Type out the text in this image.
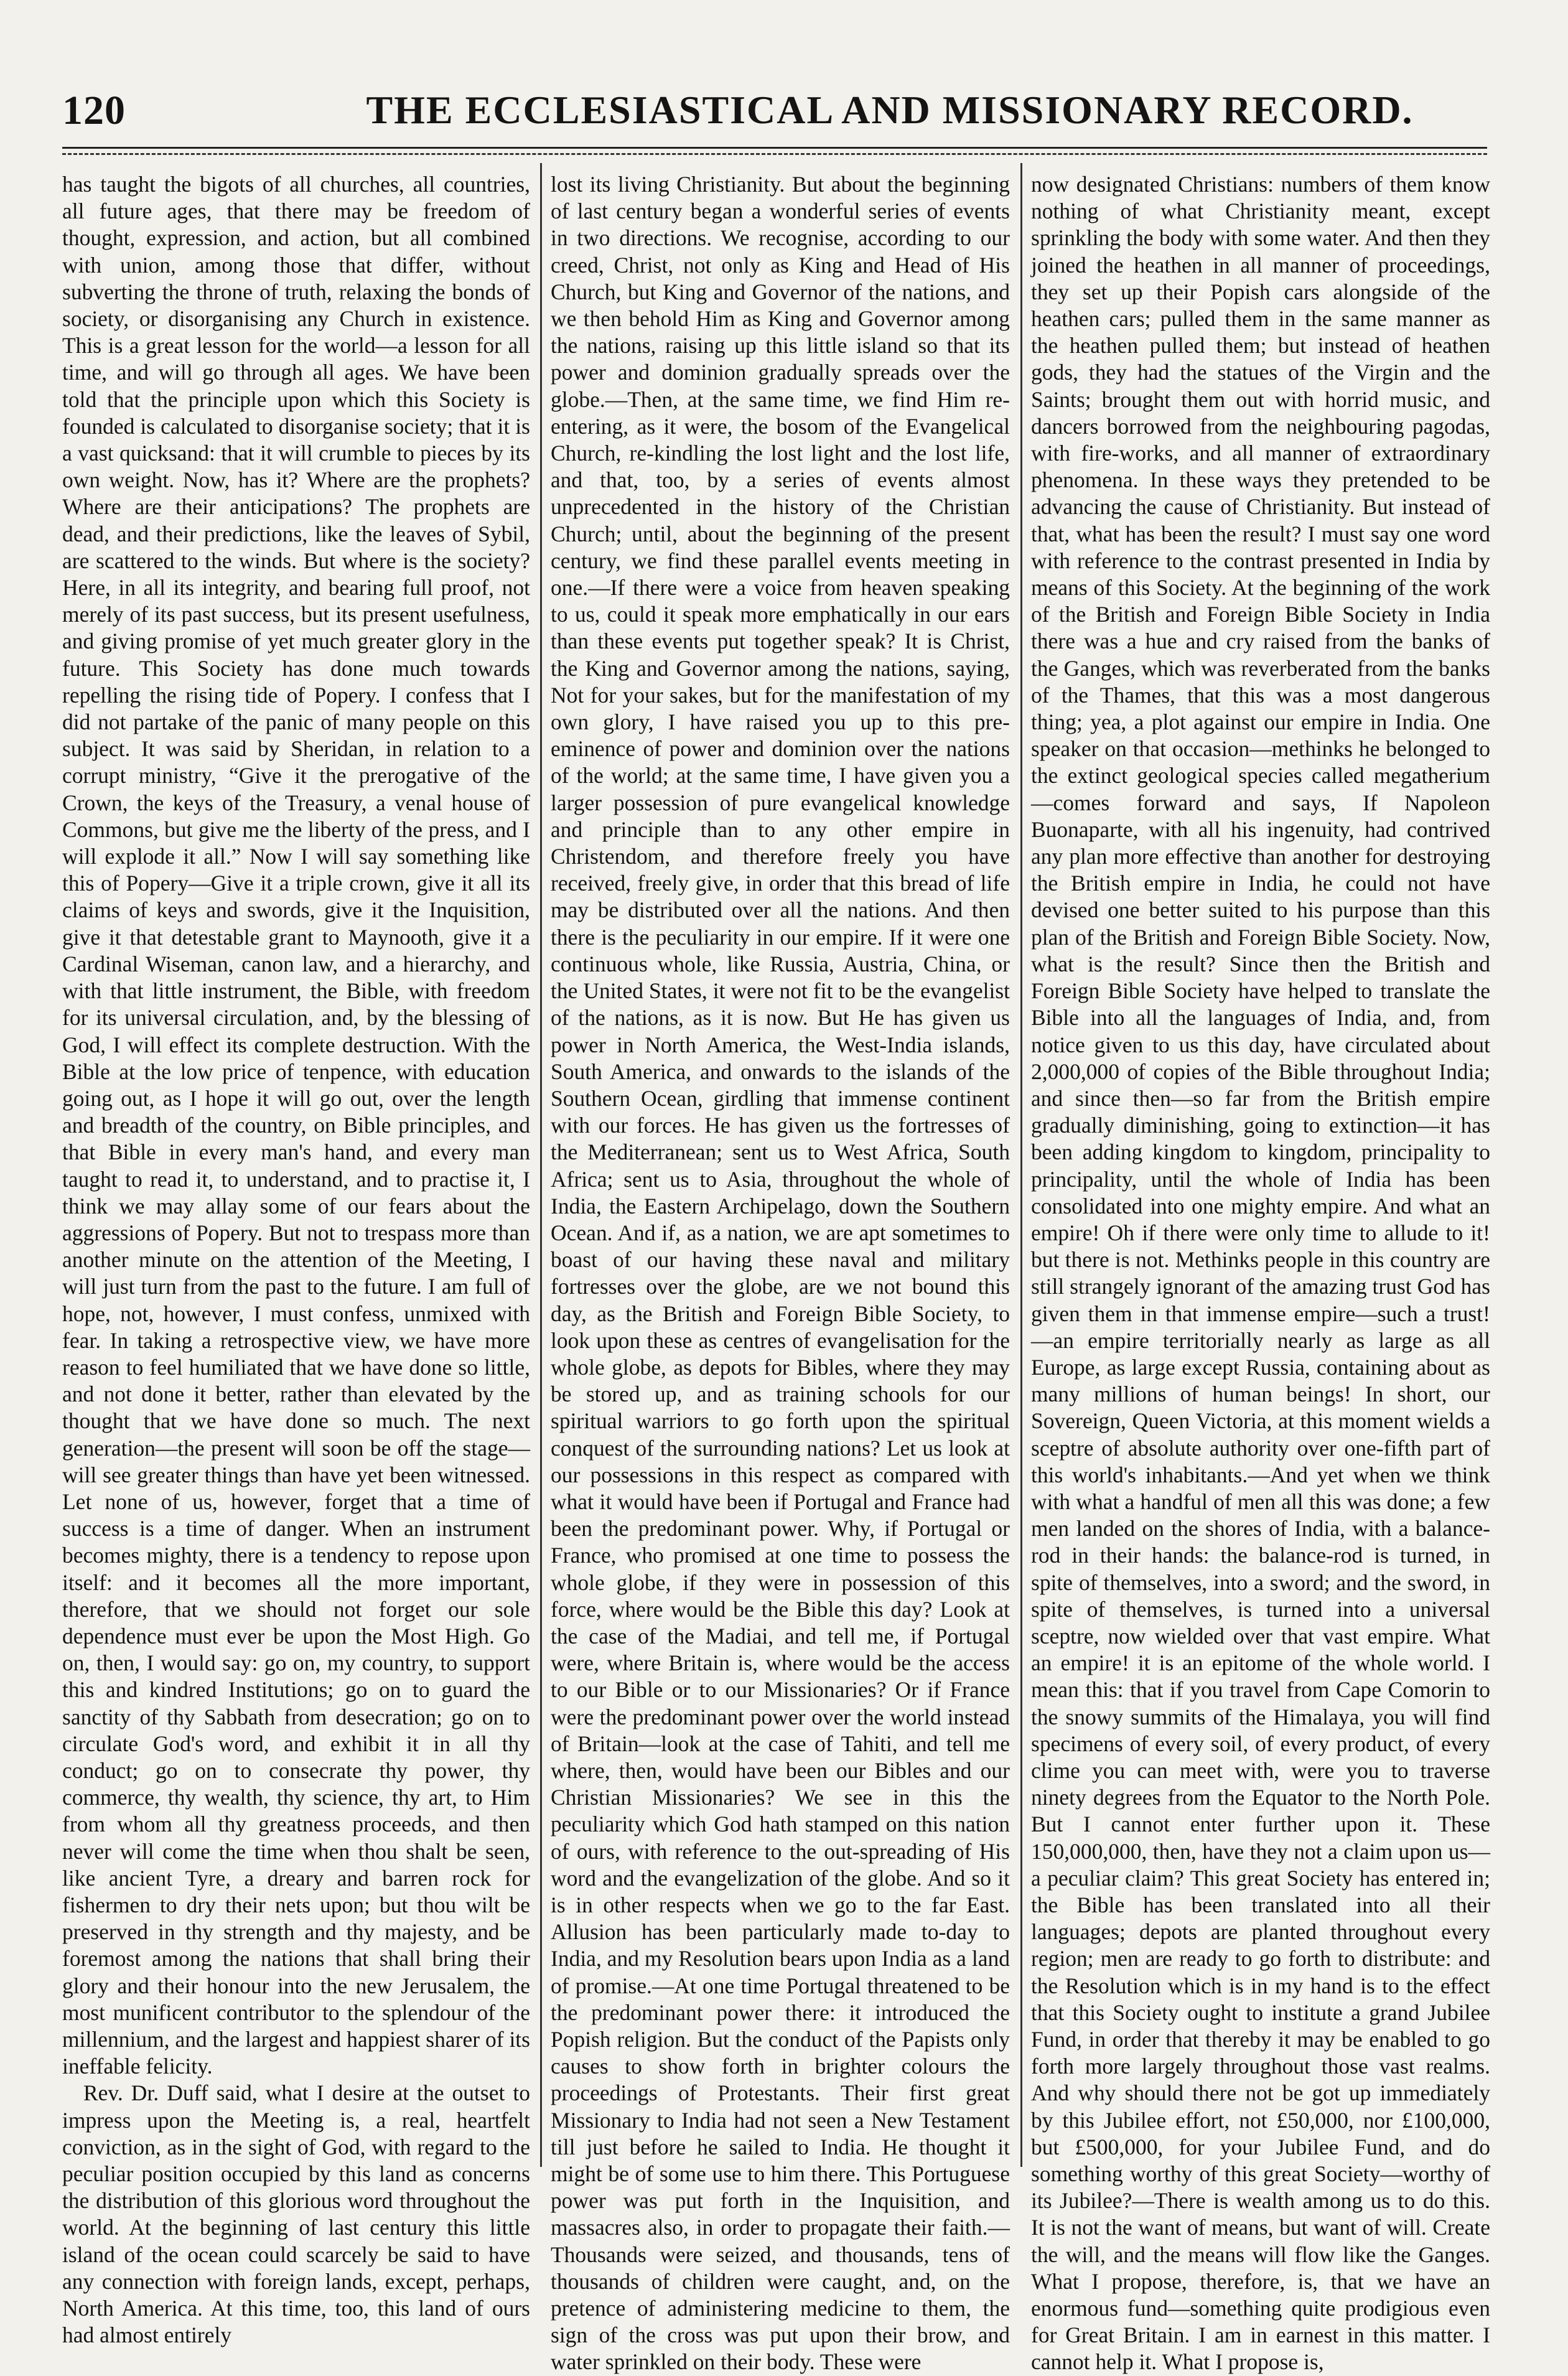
120	THE ECCLESIASTICAL AND MISSIONARY RECORD.

has taught the bigots of all churches, all countries, all future ages, that there may be freedom of thought, expression, and action, but all combined with union, among those that differ, without subverting the throne of truth, relaxing the bonds of society, or disorganising any Church in existence. This is a great lesson for the world—a lesson for all time, and will go through all ages. We have been told that the principle upon which this Society is founded is calculated to disorganise society; that it is a vast quicksand: that it will crumble to pieces by its own weight. Now, has it? Where are the prophets? Where are their anticipations? The prophets are dead, and their predictions, like the leaves of Sybil, are scattered to the winds. But where is the society? Here, in all its integrity, and bearing full proof, not merely of its past success, but its present usefulness, and giving promise of yet much greater glory in the future. This Society has done much towards repelling the rising tide of Popery. I confess that I did not partake of the panic of many people on this subject. It was said by Sheridan, in relation to a corrupt ministry, “Give it the prerogative of the Crown, the keys of the Treasury, a venal house of Commons, but give me the liberty of the press, and I will explode it all.” Now I will say something like this of Popery—Give it a triple crown, give it all its claims of keys and swords, give it the Inquisition, give it that detestable grant to Maynooth, give it a Cardinal Wiseman, canon law, and a hierarchy, and with that little instrument, the Bible, with freedom for its universal circulation, and, by the blessing of God, I will effect its complete destruction. With the Bible at the low price of tenpence, with education going out, as I hope it will go out, over the length and breadth of the country, on Bible principles, and that Bible in every man's hand, and every man taught to read it, to understand, and to practise it, I think we may allay some of our fears about the aggressions of Popery. But not to trespass more than another minute on the attention of the Meeting, I will just turn from the past to the future. I am full of hope, not, however, I must confess, unmixed with fear. In taking a retrospective view, we have more reason to feel humiliated that we have done so little, and not done it better, rather than elevated by the thought that we have done so much. The next generation—the present will soon be off the stage—will see greater things than have yet been witnessed. Let none of us, however, forget that a time of success is a time of danger. When an instrument becomes mighty, there is a tendency to repose upon itself: and it becomes all the more important, therefore, that we should not forget our sole dependence must ever be upon the Most High. Go on, then, I would say: go on, my country, to support this and kindred Institutions; go on to guard the sanctity of thy Sabbath from desecration; go on to circulate God's word, and exhibit it in all thy conduct; go on to consecrate thy power, thy commerce, thy wealth, thy science, thy art, to Him from whom all thy greatness proceeds, and then never will come the time when thou shalt be seen, like ancient Tyre, a dreary and barren rock for fishermen to dry their nets upon; but thou wilt be preserved in thy strength and thy majesty, and be foremost among the nations that shall bring their glory and their honour into the new Jerusalem, the most munificent contributor to the splendour of the millennium, and the largest and happiest sharer of its ineffable felicity.

Rev. Dr. Duff said, what I desire at the outset to impress upon the Meeting is, a real, heartfelt conviction, as in the sight of God, with regard to the peculiar position occupied by this land as concerns the distribution of this glorious word throughout the world. At the beginning of last century this little island of the ocean could scarcely be said to have any connection with foreign lands, except, perhaps, North America. At this time, too, this land of ours had almost entirely

lost its living Christianity. But about the beginning of last century began a wonderful series of events in two directions. We recognise, according to our creed, Christ, not only as King and Head of His Church, but King and Governor of the nations, and we then behold Him as King and Governor among the nations, raising up this little island so that its power and dominion gradually spreads over the globe.—Then, at the same time, we find Him re-entering, as it were, the bosom of the Evangelical Church, re-kindling the lost light and the lost life, and that, too, by a series of events almost unprecedented in the history of the Christian Church; until, about the beginning of the present century, we find these parallel events meeting in one.—If there were a voice from heaven speaking to us, could it speak more emphatically in our ears than these events put together speak? It is Christ, the King and Governor among the nations, saying, Not for your sakes, but for the manifestation of my own glory, I have raised you up to this pre-eminence of power and dominion over the nations of the world; at the same time, I have given you a larger possession of pure evangelical knowledge and principle than to any other empire in Christendom, and therefore freely you have received, freely give, in order that this bread of life may be distributed over all the nations. And then there is the peculiarity in our empire. If it were one continuous whole, like Russia, Austria, China, or the United States, it were not fit to be the evangelist of the nations, as it is now. But He has given us power in North America, the West-India islands, South America, and onwards to the islands of the Southern Ocean, girdling that immense continent with our forces. He has given us the fortresses of the Mediterranean; sent us to West Africa, South Africa; sent us to Asia, throughout the whole of India, the Eastern Archipelago, down the Southern Ocean. And if, as a nation, we are apt sometimes to boast of our having these naval and military fortresses over the globe, are we not bound this day, as the British and Foreign Bible Society, to look upon these as centres of evangelisation for the whole globe, as depots for Bibles, where they may be stored up, and as training schools for our spiritual warriors to go forth upon the spiritual conquest of the surrounding nations? Let us look at our possessions in this respect as compared with what it would have been if Portugal and France had been the predominant power. Why, if Portugal or France, who promised at one time to possess the whole globe, if they were in possession of this force, where would be the Bible this day? Look at the case of the Madiai, and tell me, if Portugal were, where Britain is, where would be the access to our Bible or to our Missionaries? Or if France were the predominant power over the world instead of Britain—look at the case of Tahiti, and tell me where, then, would have been our Bibles and our Christian Missionaries? We see in this the peculiarity which God hath stamped on this nation of ours, with reference to the out-spreading of His word and the evangelization of the globe. And so it is in other respects when we go to the far East. Allusion has been particularly made to-day to India, and my Resolution bears upon India as a land of promise.—At one time Portugal threatened to be the predominant power there: it introduced the Popish religion. But the conduct of the Papists only causes to show forth in brighter colours the proceedings of Protestants. Their first great Missionary to India had not seen a New Testament till just before he sailed to India. He thought it might be of some use to him there. This Portuguese power was put forth in the Inquisition, and massacres also, in order to propagate their faith.—Thousands were seized, and thousands, tens of thousands of children were caught, and, on the pretence of administering medicine to them, the sign of the cross was put upon their brow, and water sprinkled on their body. These were

now designated Christians: numbers of them know nothing of what Christianity meant, except sprinkling the body with some water. And then they joined the heathen in all manner of proceedings, they set up their Popish cars alongside of the heathen cars; pulled them in the same manner as the heathen pulled them; but instead of heathen gods, they had the statues of the Virgin and the Saints; brought them out with horrid music, and dancers borrowed from the neighbouring pagodas, with fire-works, and all manner of extraordinary phenomena. In these ways they pretended to be advancing the cause of Christianity. But instead of that, what has been the result? I must say one word with reference to the contrast presented in India by means of this Society. At the beginning of the work of the British and Foreign Bible Society in India there was a hue and cry raised from the banks of the Ganges, which was reverberated from the banks of the Thames, that this was a most dangerous thing; yea, a plot against our empire in India. One speaker on that occasion—methinks he belonged to the extinct geological species called megatherium—comes forward and says, If Napoleon Buonaparte, with all his ingenuity, had contrived any plan more effective than another for destroying the British empire in India, he could not have devised one better suited to his purpose than this plan of the British and Foreign Bible Society. Now, what is the result? Since then the British and Foreign Bible Society have helped to translate the Bible into all the languages of India, and, from notice given to us this day, have circulated about 2,000,000 of copies of the Bible throughout India; and since then—so far from the British empire gradually diminishing, going to extinction—it has been adding kingdom to kingdom, principality to principality, until the whole of India has been consolidated into one mighty empire. And what an empire! Oh if there were only time to allude to it! but there is not. Methinks people in this country are still strangely ignorant of the amazing trust God has given them in that immense empire—such a trust!—an empire territorially nearly as large as all Europe, as large except Russia, containing about as many millions of human beings! In short, our Sovereign, Queen Victoria, at this moment wields a sceptre of absolute authority over one-fifth part of this world's inhabitants.—And yet when we think with what a handful of men all this was done; a few men landed on the shores of India, with a balance-rod in their hands: the balance-rod is turned, in spite of themselves, into a sword; and the sword, in spite of themselves, is turned into a universal sceptre, now wielded over that vast empire. What an empire! it is an epitome of the whole world. I mean this: that if you travel from Cape Comorin to the snowy summits of the Himalaya, you will find specimens of every soil, of every product, of every clime you can meet with, were you to traverse ninety degrees from the Equator to the North Pole. But I cannot enter further upon it. These 150,000,000, then, have they not a claim upon us—a peculiar claim? This great Society has entered in; the Bible has been translated into all their languages; depots are planted throughout every region; men are ready to go forth to distribute: and the Resolution which is in my hand is to the effect that this Society ought to institute a grand Jubilee Fund, in order that thereby it may be enabled to go forth more largely throughout those vast realms. And why should there not be got up immediately by this Jubilee effort, not £50,000, nor £100,000, but £500,000, for your Jubilee Fund, and do something worthy of this great Society—worthy of its Jubilee?—There is wealth among us to do this. It is not the want of means, but want of will. Create the will, and the means will flow like the Ganges. What I propose, therefore, is, that we have an enormous fund—something quite prodigious even for Great Britain. I am in earnest in this matter. I cannot help it. What I propose is,
